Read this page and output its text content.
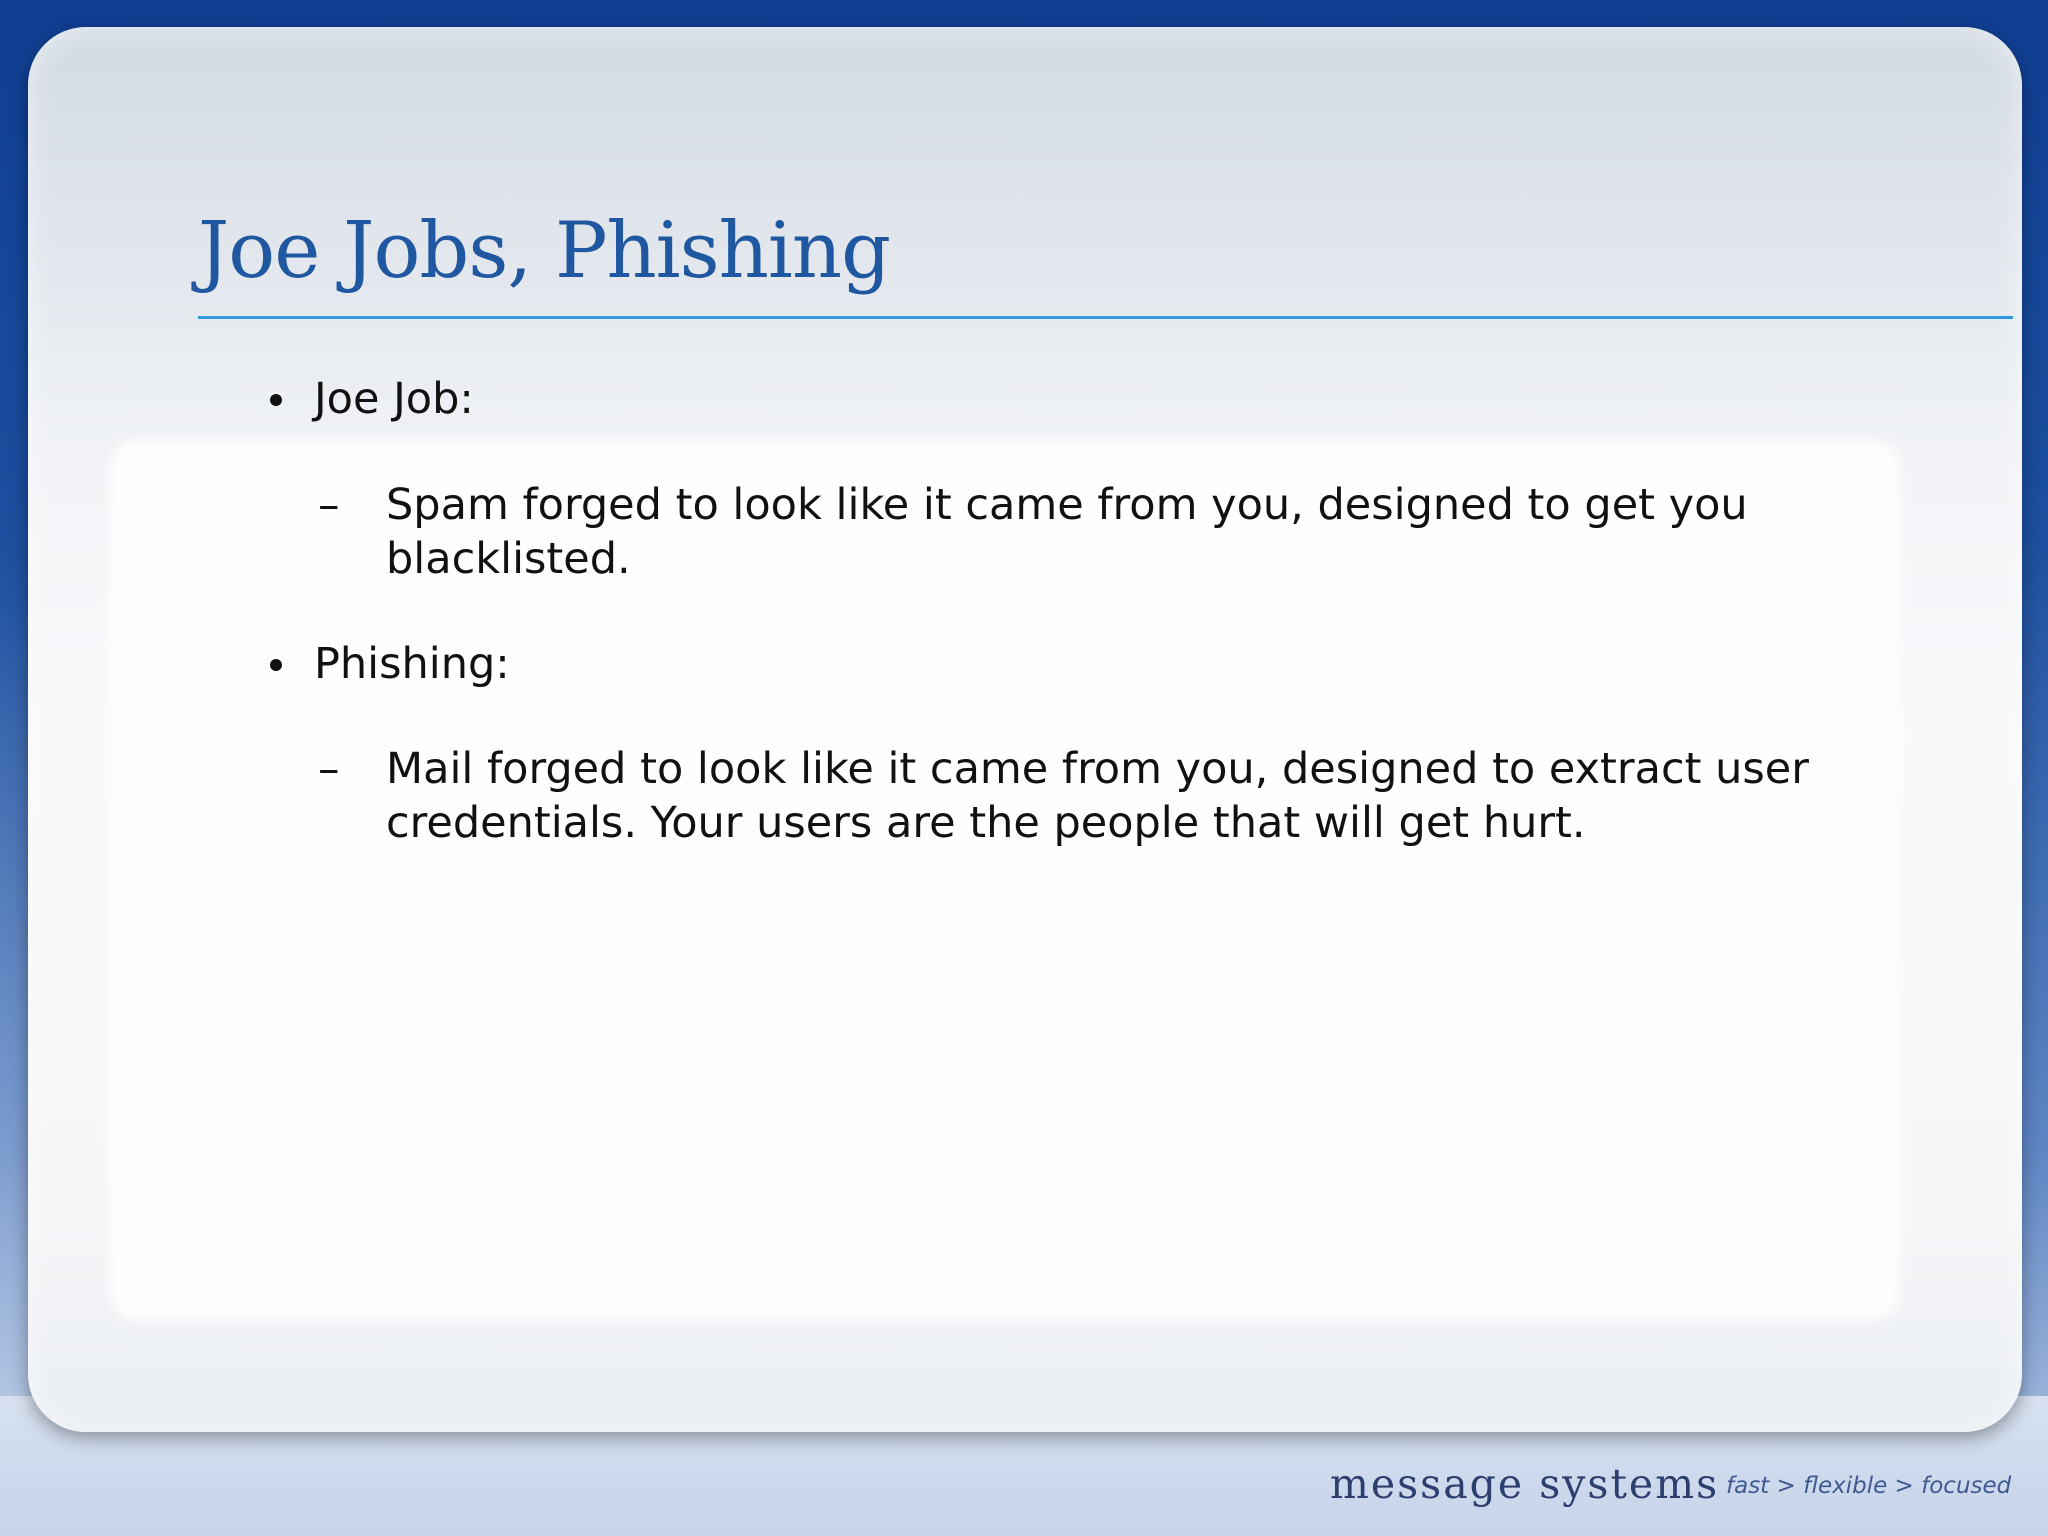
Joe Jobs, Phishing
Joe Job:
– Spam forged to look like it came from you, designed to get you blacklisted.
Phishing:
– Mail forged to look like it came from you, designed to extract user credentials. Your users are the people that will get hurt.
message systems fast > flexible > focused
